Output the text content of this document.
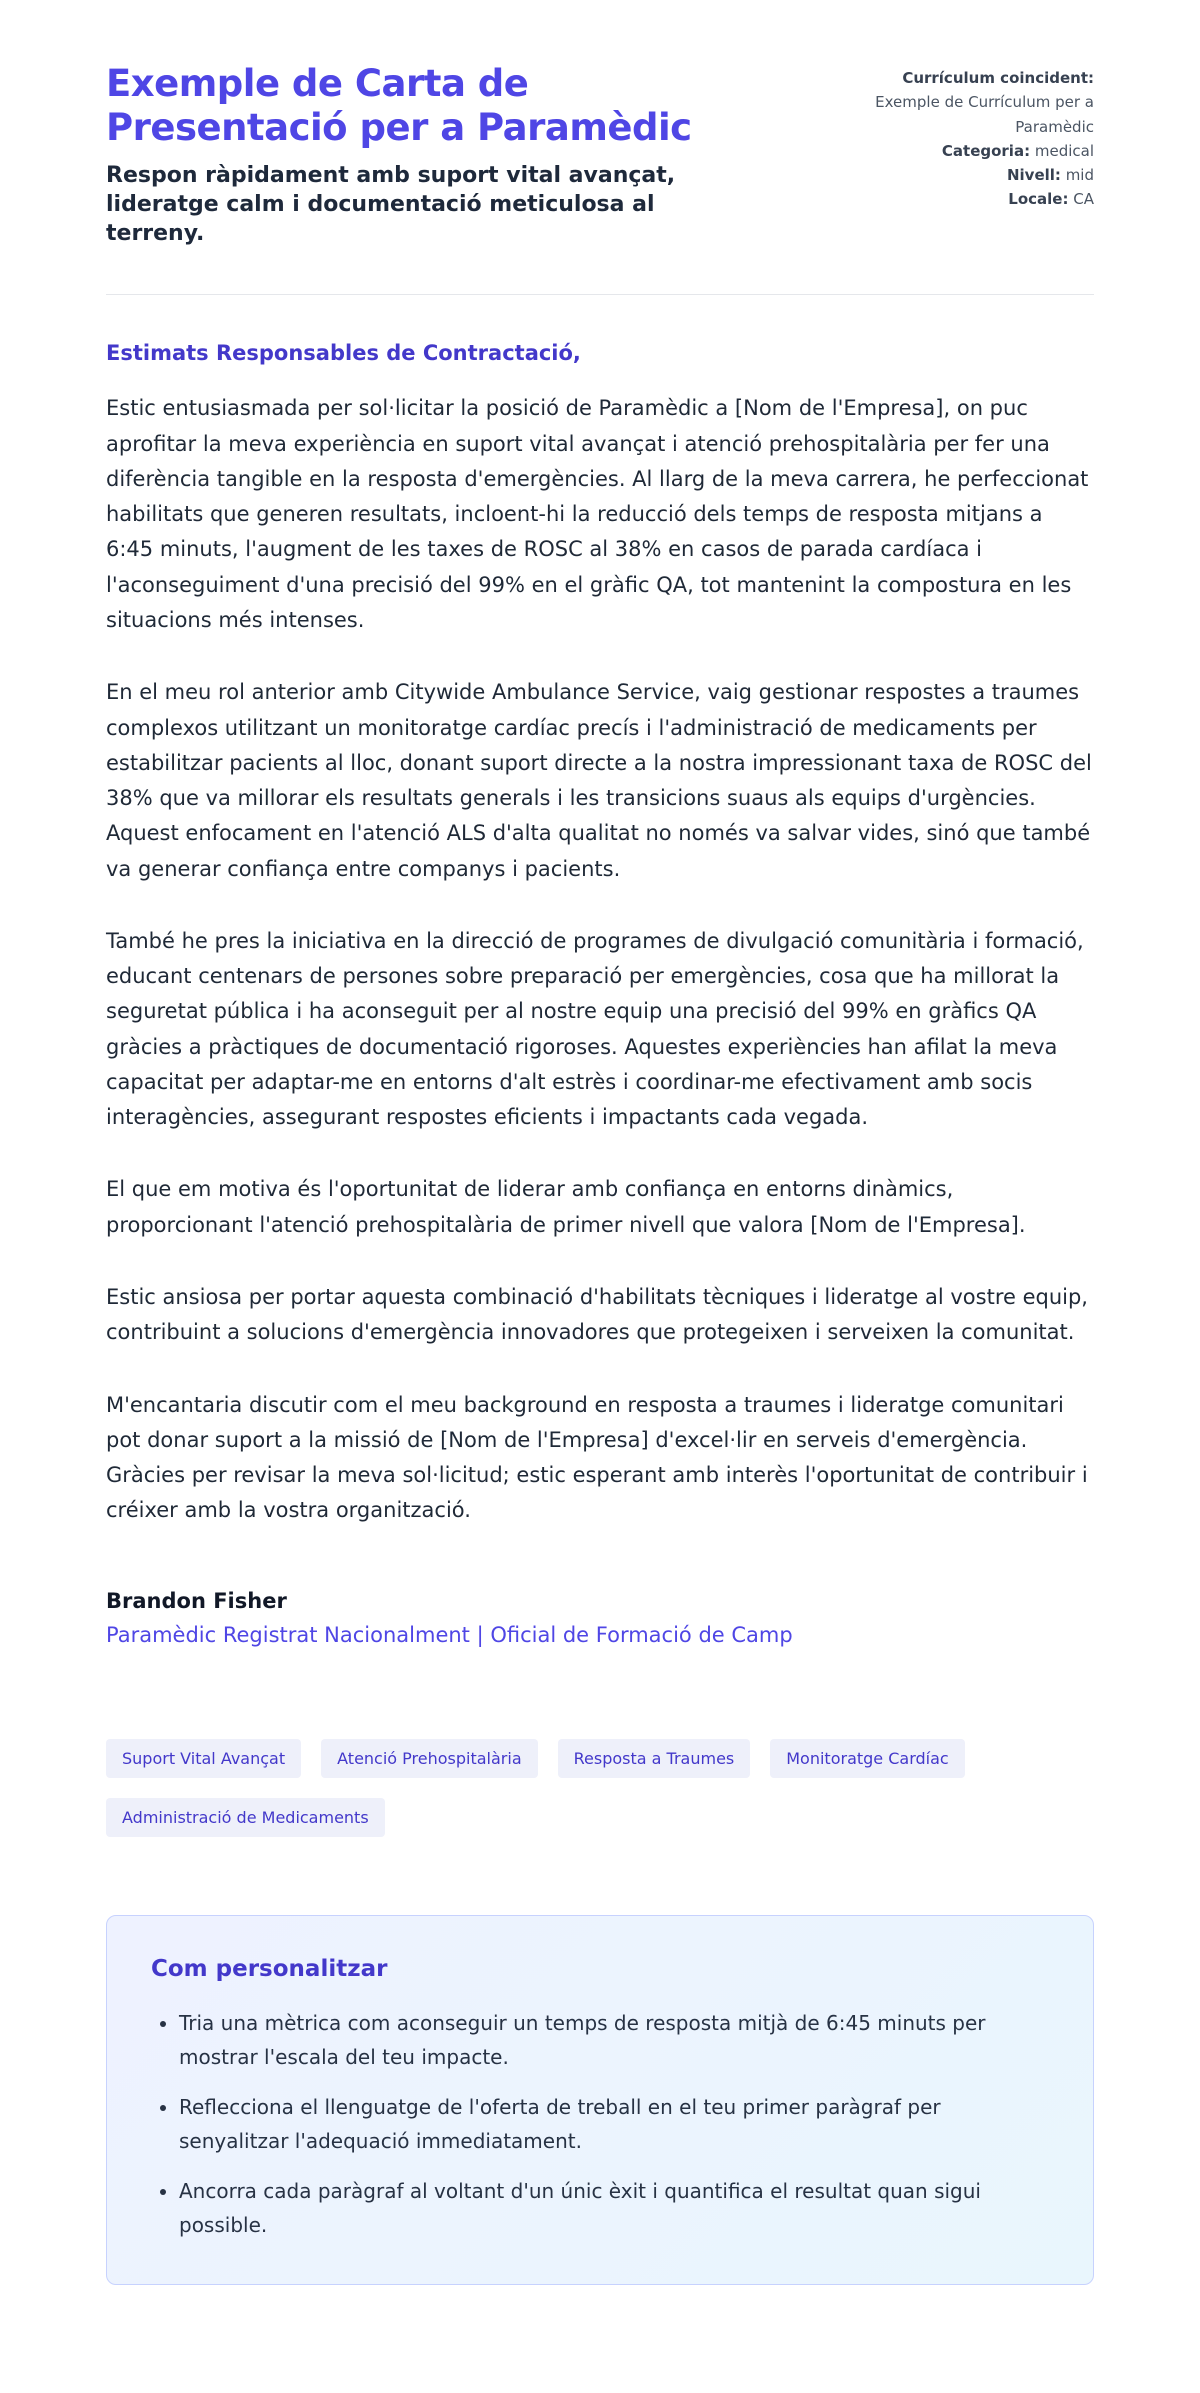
Exemple de Carta de Presentació per a Paramèdic

Respon ràpidament amb suport vital avançat, lideratge calm i documentació meticulosa al terreny.

Currículum coincident:
Exemple de Currículum per a Paramèdic
Categoria: medical
Nivell: mid
Locale: CA

Estimats Responsables de Contractació,

Estic entusiasmada per sol·licitar la posició de Paramèdic a [Nom de l'Empresa], on puc aprofitar la meva experiència en suport vital avançat i atenció prehospitalària per fer una diferència tangible en la resposta d'emergències. Al llarg de la meva carrera, he perfeccionat habilitats que generen resultats, incloent-hi la reducció dels temps de resposta mitjans a 6:45 minuts, l'augment de les taxes de ROSC al 38% en casos de parada cardíaca i l'aconseguiment d'una precisió del 99% en el gràfic QA, tot mantenint la compostura en les situacions més intenses.

En el meu rol anterior amb Citywide Ambulance Service, vaig gestionar respostes a traumes complexos utilitzant un monitoratge cardíac precís i l'administració de medicaments per estabilitzar pacients al lloc, donant suport directe a la nostra impressionant taxa de ROSC del 38% que va millorar els resultats generals i les transicions suaus als equips d'urgències. Aquest enfocament en l'atenció ALS d'alta qualitat no només va salvar vides, sinó que també va generar confiança entre companys i pacients.

També he pres la iniciativa en la direcció de programes de divulgació comunitària i formació, educant centenars de persones sobre preparació per emergències, cosa que ha millorat la seguretat pública i ha aconseguit per al nostre equip una precisió del 99% en gràfics QA gràcies a pràctiques de documentació rigoroses. Aquestes experiències han afilat la meva capacitat per adaptar-me en entorns d'alt estrès i coordinar-me efectivament amb socis interagències, assegurant respostes eficients i impactants cada vegada.

El que em motiva és l'oportunitat de liderar amb confiança en entorns dinàmics, proporcionant l'atenció prehospitalària de primer nivell que valora [Nom de l'Empresa].

Estic ansiosa per portar aquesta combinació d'habilitats tècniques i lideratge al vostre equip, contribuint a solucions d'emergència innovadores que protegeixen i serveixen la comunitat.

M'encantaria discutir com el meu background en resposta a traumes i lideratge comunitari pot donar suport a la missió de [Nom de l'Empresa] d'excel·lir en serveis d'emergència. Gràcies per revisar la meva sol·licitud; estic esperant amb interès l'oportunitat de contribuir i créixer amb la vostra organització.

Brandon Fisher

Paramèdic Registrat Nacionalment | Oficial de Formació de Camp

Suport Vital Avançat	Atenció Prehospitalària	Resposta a Traumes	Monitoratge Cardíac
Administració de Medicaments
Com personalitzar
• Tria una mètrica com aconseguir un temps de resposta mitjà de 6:45 minuts per mostrar l'escala del teu impacte.
• Reflecciona el llenguatge de l'oferta de treball en el teu primer paràgraf per senyalitzar l'adequació immediatament.
• Ancorra cada paràgraf al voltant d'un únic èxit i quantifica el resultat quan sigui possible.
